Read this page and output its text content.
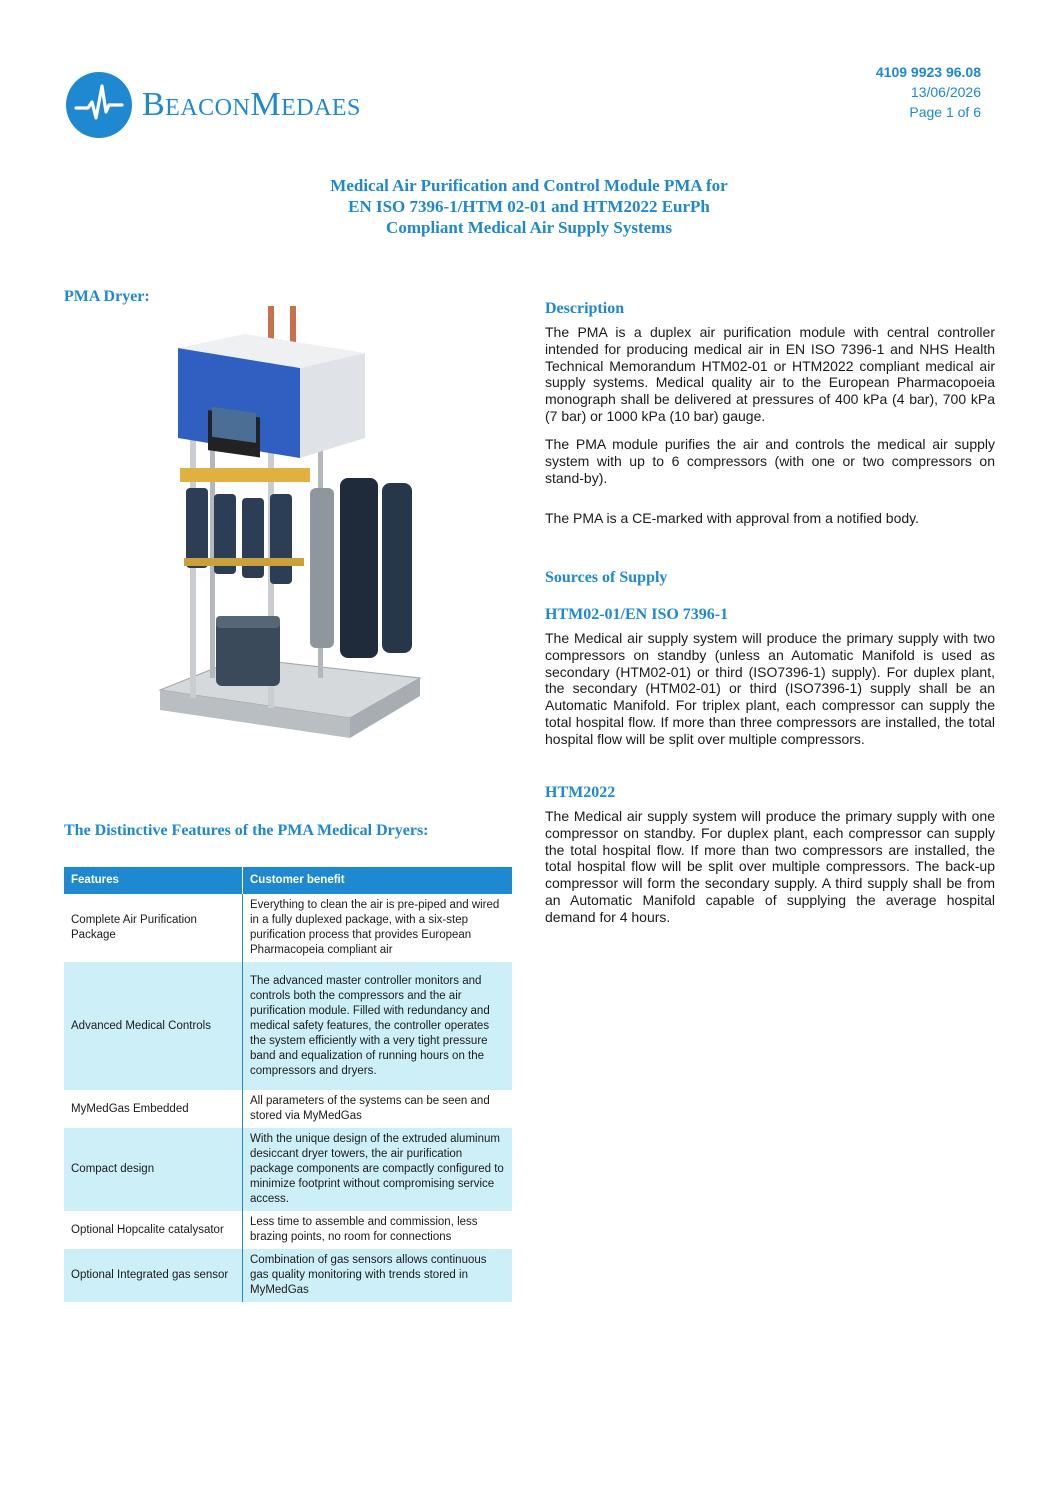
BeaconMedaes
4109 9923 96.08
13/06/2026
Page 1 of 6
Medical Air Purification and Control Module PMA for
EN ISO 7396-1/HTM 02-01 and HTM2022 EurPh
Compliant Medical Air Supply Systems
PMA Dryer:
The Distinctive Features of the PMA Medical Dryers:
Features	Customer benefit
Complete Air Purification Package	Everything to clean the air is pre-piped and wired in a fully duplexed package, with a six-step purification process that provides European Pharmacopeia compliant air
Advanced Medical Controls	The advanced master controller monitors and controls both the compressors and the air purification module. Filled with redundancy and medical safety features, the controller operates the system efficiently with a very tight pressure band and equalization of running hours on the compressors and dryers.
MyMedGas Embedded	All parameters of the systems can be seen and stored via MyMedGas
Compact design	With the unique design of the extruded aluminum desiccant dryer towers, the air purification package components are compactly configured to minimize footprint without compromising service access.
Optional Hopcalite catalysator	Less time to assemble and commission, less brazing points, no room for connections
Optional Integrated gas sensor	Combination of gas sensors allows continuous gas quality monitoring with trends stored in MyMedGas
Description

The PMA is a duplex air purification module with central controller intended for producing medical air in EN ISO 7396-1 and NHS Health Technical Memorandum HTM02-01 or HTM2022 compliant medical air supply systems. Medical quality air to the European Pharmacopoeia monograph shall be delivered at pressures of 400 kPa (4 bar), 700 kPa (7 bar) or 1000 kPa (10 bar) gauge.

The PMA module purifies the air and controls the medical air supply system with up to 6 compressors (with one or two compressors on stand-by).

The PMA is a CE-marked with approval from a notified body.

Sources of Supply
HTM02-01/EN ISO 7396-1

The Medical air supply system will produce the primary supply with two compressors on standby (unless an Automatic Manifold is used as secondary (HTM02-01) or third (ISO7396-1) supply). For duplex plant, the secondary (HTM02-01) or third (ISO7396-1) supply shall be an Automatic Manifold. For triplex plant, each compressor can supply the total hospital flow. If more than three compressors are installed, the total hospital flow will be split over multiple compressors.

HTM2022

The Medical air supply system will produce the primary supply with one compressor on standby. For duplex plant, each compressor can supply the total hospital flow. If more than two compressors are installed, the total hospital flow will be split over multiple compressors. The back-up compressor will form the secondary supply. A third supply shall be from an Automatic Manifold capable of supplying the average hospital demand for 4 hours.
